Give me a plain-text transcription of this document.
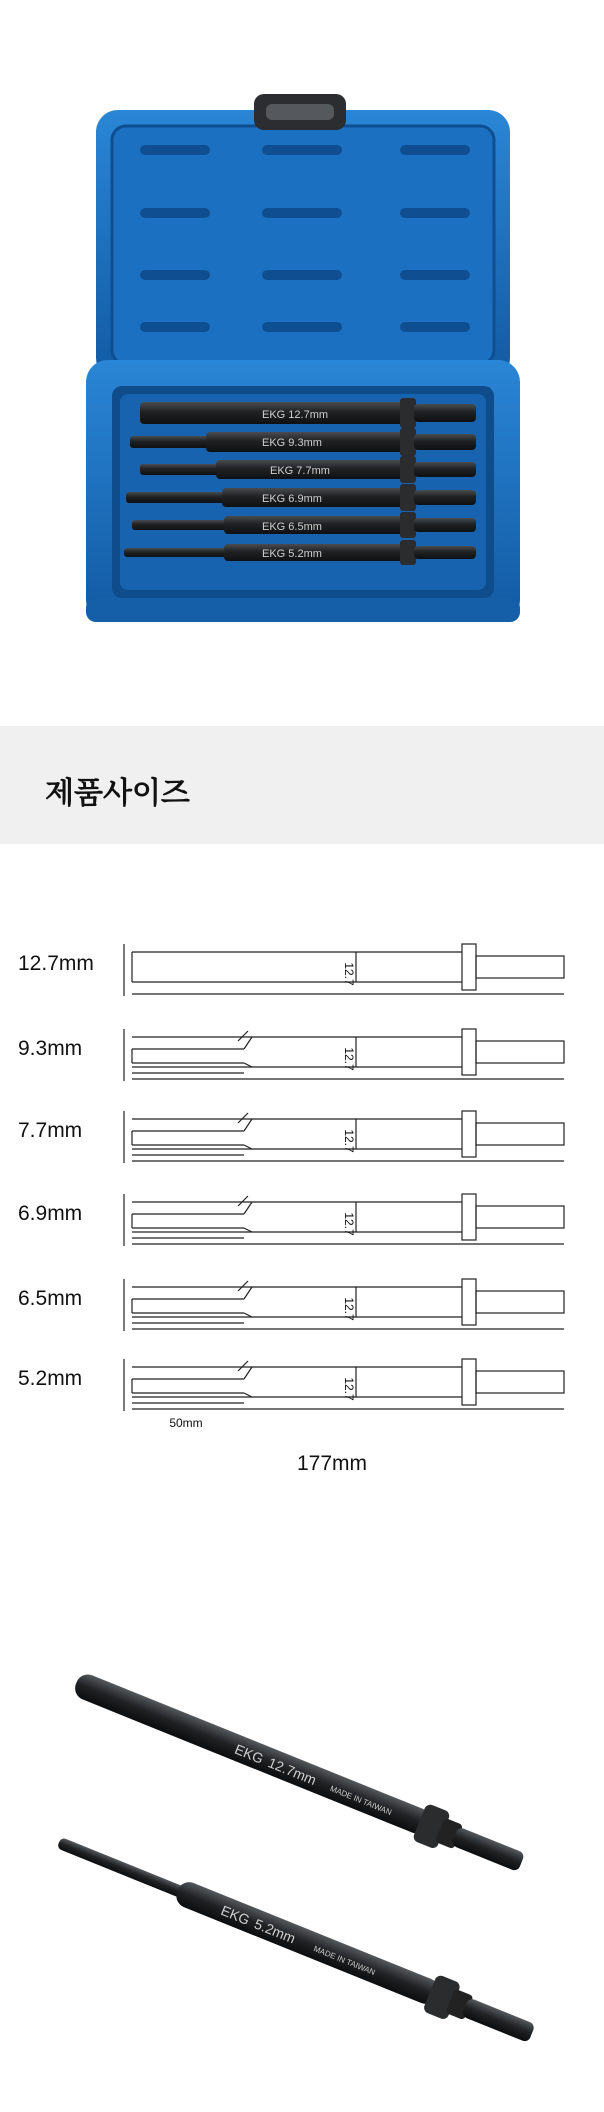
EKG 12.7mm
EKG 9.3mm
EKG 7.7mm
EKG 6.9mm
EKG 6.5mm
EKG 5.2mm
제품사이즈
12.7mm	12.7
9.3mm	12.7
7.7mm	12.7
6.9mm	12.7
6.5mm	12.7
5.2mm	12.7
50mm
177mm
EKG
12.7mm
MADE IN TAIWAN
EKG
5.2mm
MADE IN TAIWAN
